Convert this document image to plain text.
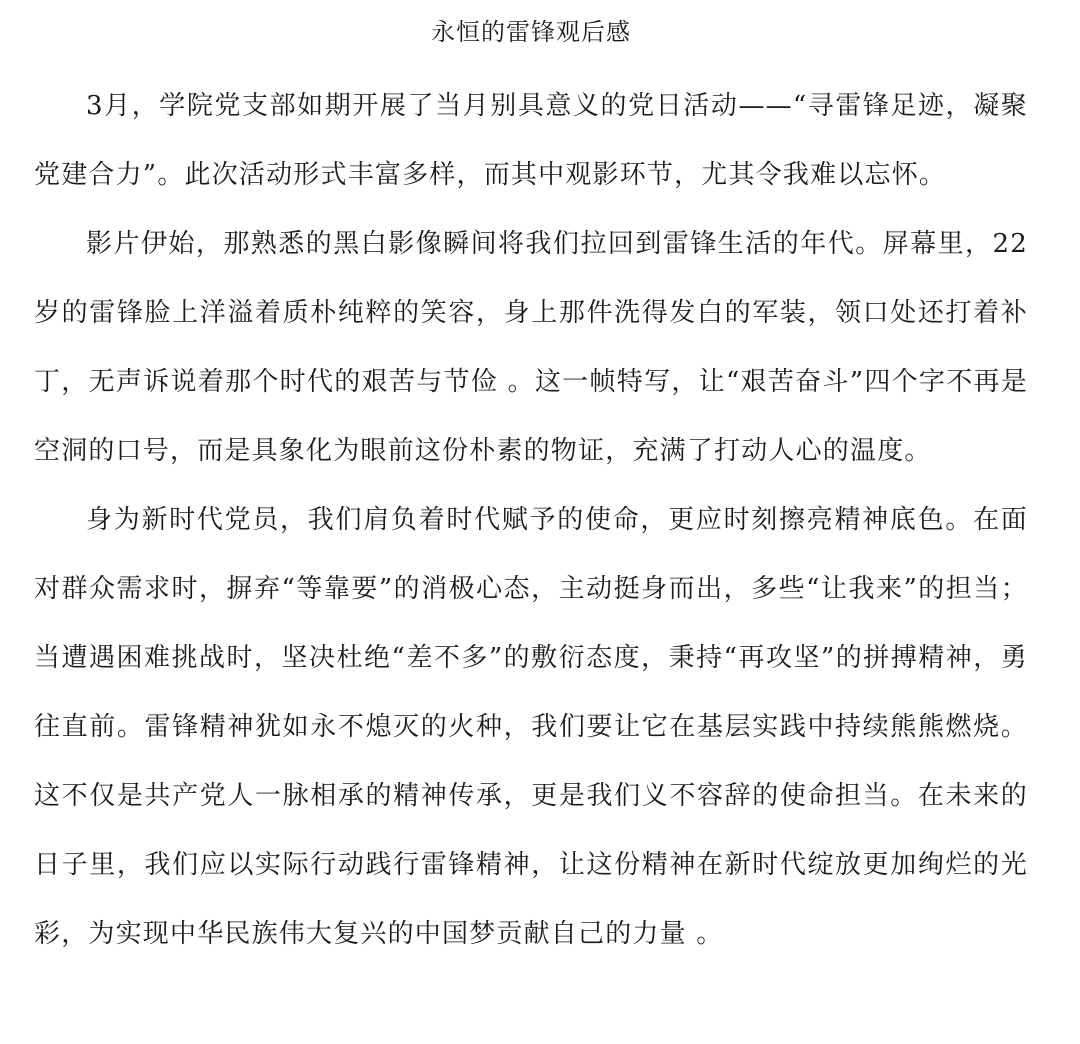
永恒的雷锋观后感

3月，学院党支部如期开展了当月别具意义的党日活动——“寻雷锋足迹，凝聚党建合力”。此次活动形式丰富多样，而其中观影环节，尤其令我难以忘怀。

影片伊始，那熟悉的黑白影像瞬间将我们拉回到雷锋生活的年代。屏幕里，22 岁的雷锋脸上洋溢着质朴纯粹的笑容，身上那件洗得发白的军装，领口处还打着补丁，无声诉说着那个时代的艰苦与节俭 。这一帧特写，让“艰苦奋斗”四个字不再是空洞的口号，而是具象化为眼前这份朴素的物证，充满了打动人心的温度。

身为新时代党员，我们肩负着时代赋予的使命，更应时刻擦亮精神底色。在面对群众需求时，摒弃“等靠要”的消极心态，主动挺身而出，多些“让我来”的担当；当遭遇困难挑战时，坚决杜绝“差不多”的敷衍态度，秉持“再攻坚”的拼搏精神，勇往直前。雷锋精神犹如永不熄灭的火种，我们要让它在基层实践中持续熊熊燃烧。这不仅是共产党人一脉相承的精神传承，更是我们义不容辞的使命担当。在未来的日子里，我们应以实际行动践行雷锋精神，让这份精神在新时代绽放更加绚烂的光彩，为实现中华民族伟大复兴的中国梦贡献自己的力量 。
